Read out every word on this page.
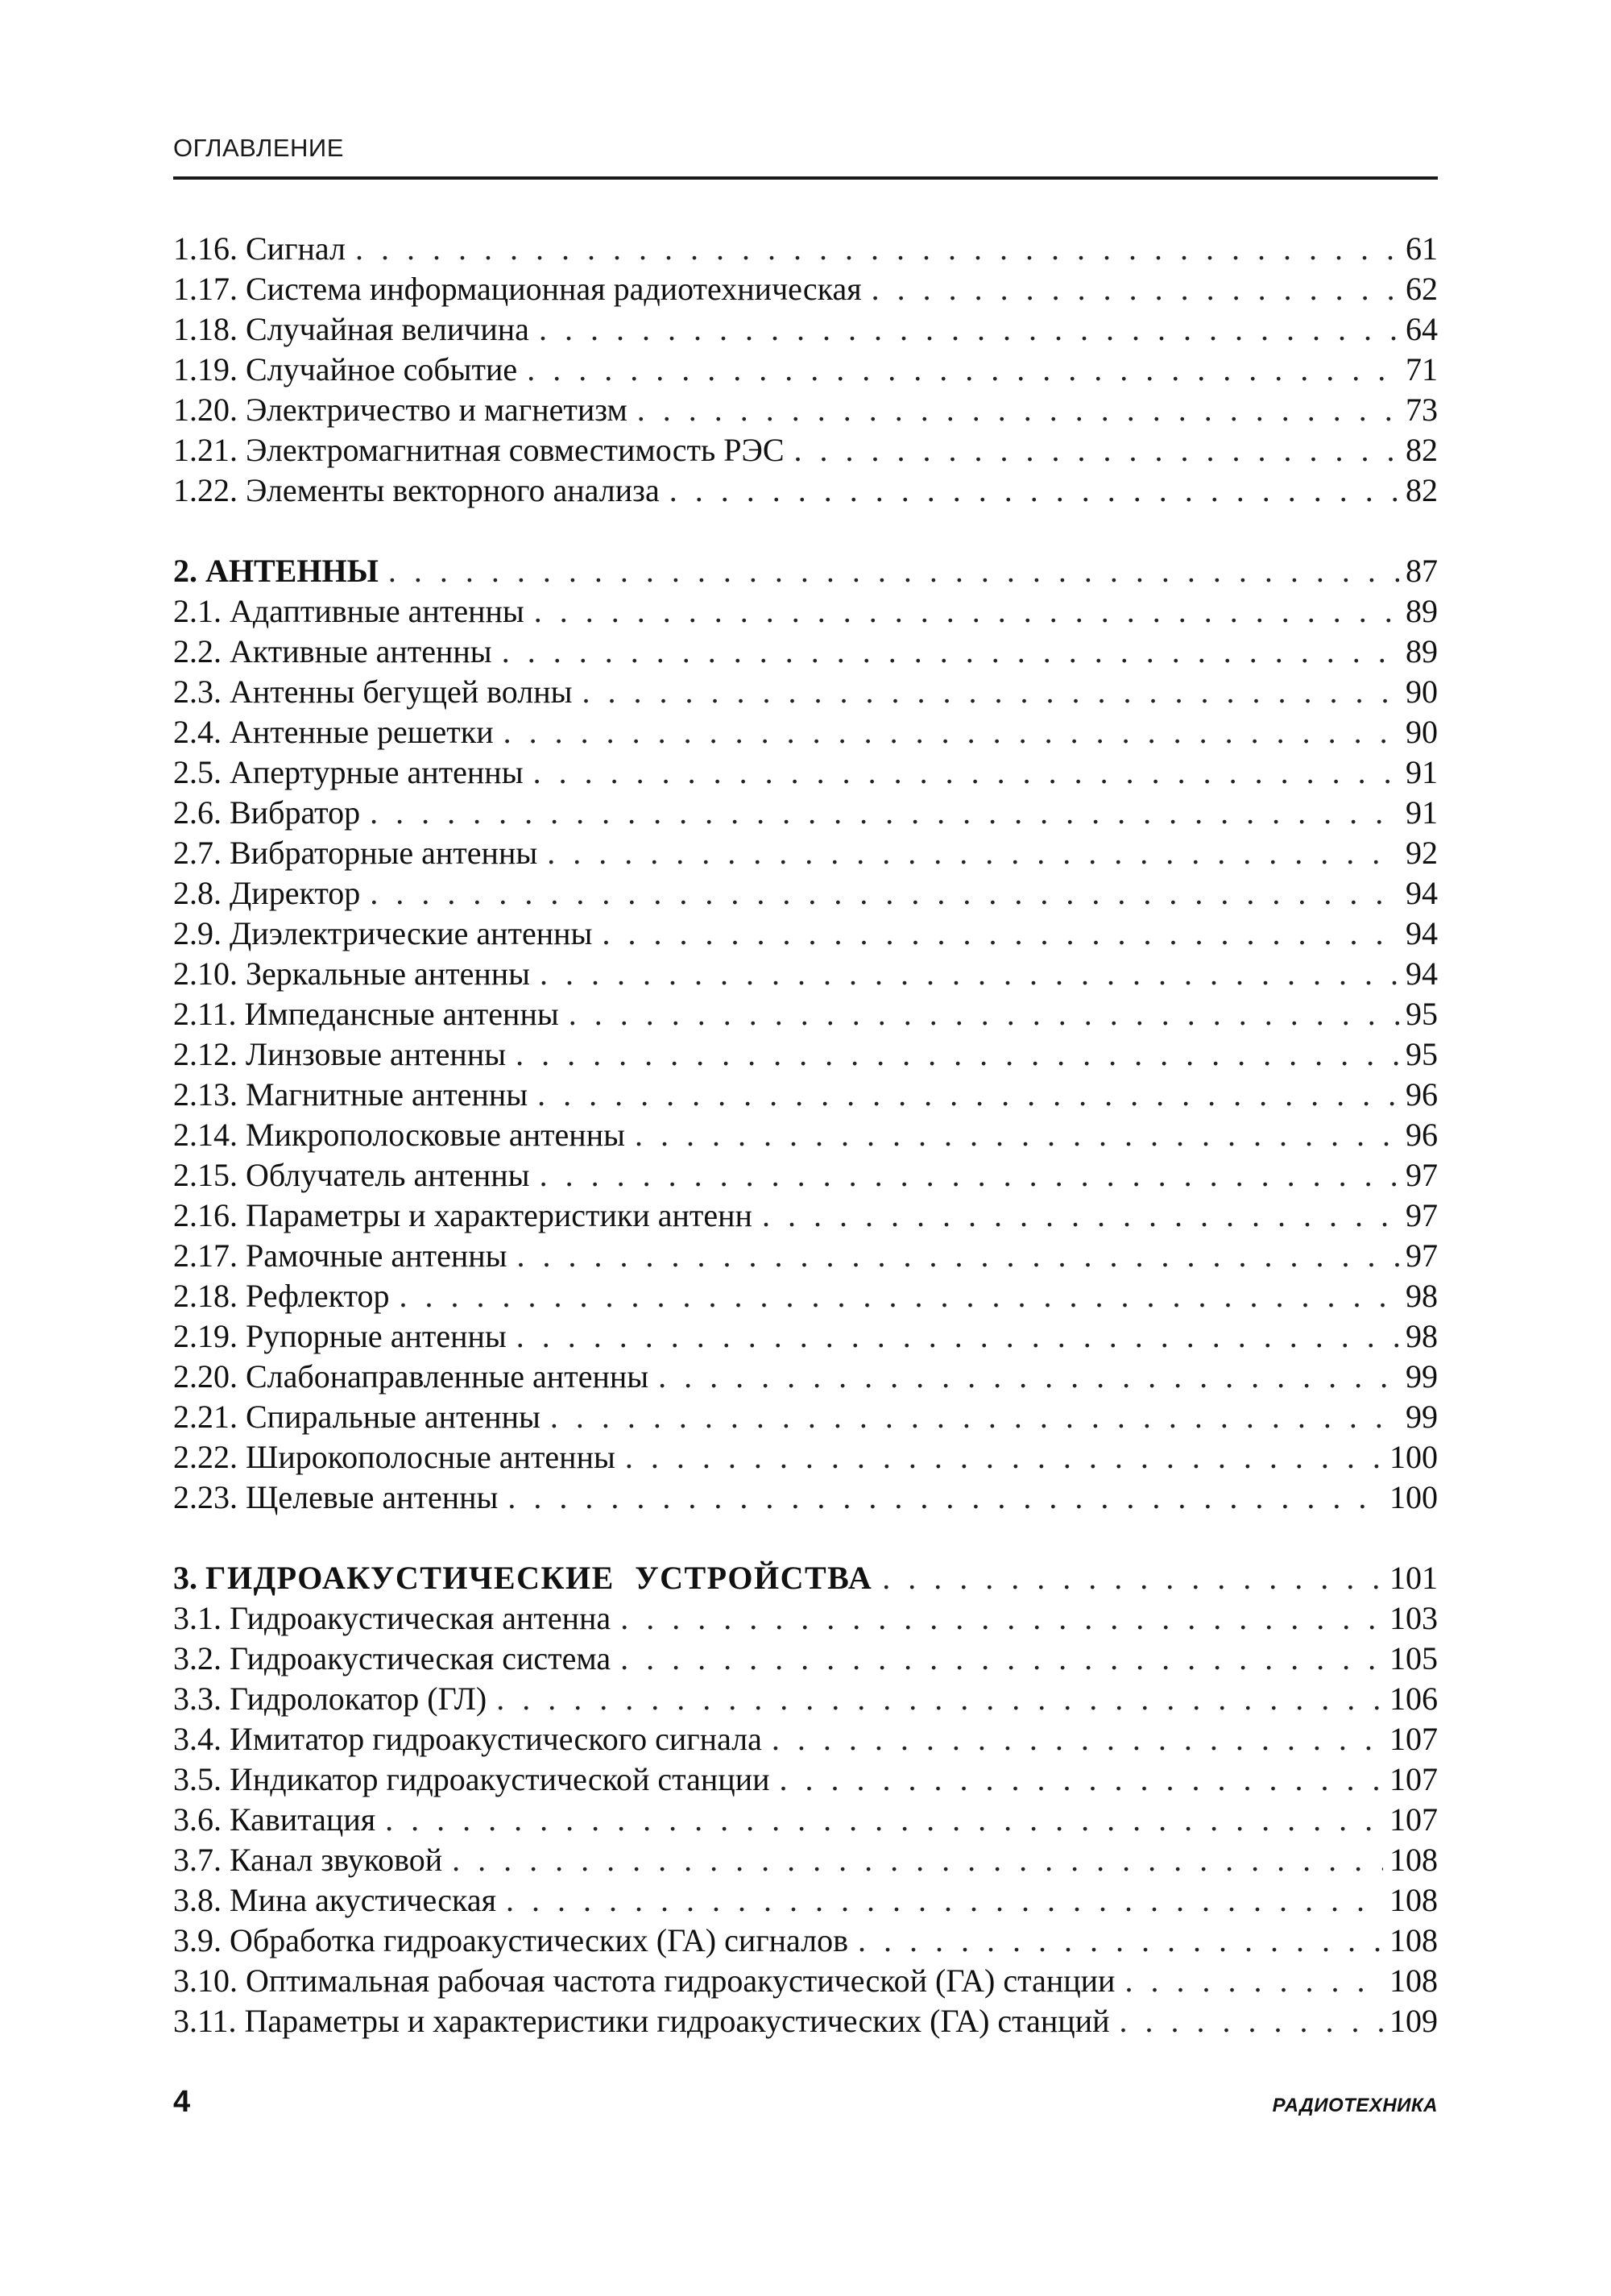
ОГЛАВЛЕНИЕ
1.16. Сигнал . . .	61
1.17. Система информационная радиотехническая . . .	62
1.18. Случайная величина . . .	64
1.19. Случайное событие . . .	71
1.20. Электричество и магнетизм . . .	73
1.21. Электромагнитная совместимость РЭС . . .	82
1.22. Элементы векторного анализа . . .	82
2. АНТЕННЫ . . .	87
2.1. Адаптивные антенны . . .	89
2.2. Активные антенны . . .	89
2.3. Антенны бегущей волны . . .	90
2.4. Антенные решетки . . .	90
2.5. Апертурные антенны . . .	91
2.6. Вибратор . . .	91
2.7. Вибраторные антенны . . .	92
2.8. Директор . . .	94
2.9. Диэлектрические антенны . . .	94
2.10. Зеркальные антенны . . .	94
2.11. Импедансные антенны . . .	95
2.12. Линзовые антенны . . .	95
2.13. Магнитные антенны . . .	96
2.14. Микрополосковые антенны . . .	96
2.15. Облучатель антенны . . .	97
2.16. Параметры и характеристики антенн . . .	97
2.17. Рамочные антенны . . .	97
2.18. Рефлектор . . .	98
2.19. Рупорные антенны . . .	98
2.20. Слабонаправленные антенны . . .	99
2.21. Спиральные антенны . . .	99
2.22. Широкополосные антенны . . .	100
2.23. Щелевые антенны . . .	100
3. ГИДРОАКУСТИЧЕСКИЕ УСТРОЙСТВА . . .	101
3.1. Гидроакустическая антенна . . .	103
3.2. Гидроакустическая система . . .	105
3.3. Гидролокатор (ГЛ) . . .	106
3.4. Имитатор гидроакустического сигнала . . .	107
3.5. Индикатор гидроакустической станции . . .	107
3.6. Кавитация . . .	107
3.7. Канал звуковой . . .	108
3.8. Мина акустическая . . .	108
3.9. Обработка гидроакустических (ГА) сигналов . . .	108
3.10. Оптимальная рабочая частота гидроакустической (ГА) станции . . .	108
3.11. Параметры и характеристики гидроакустических (ГА) станций . . .	109
4	РАДИОТЕХНИКА
